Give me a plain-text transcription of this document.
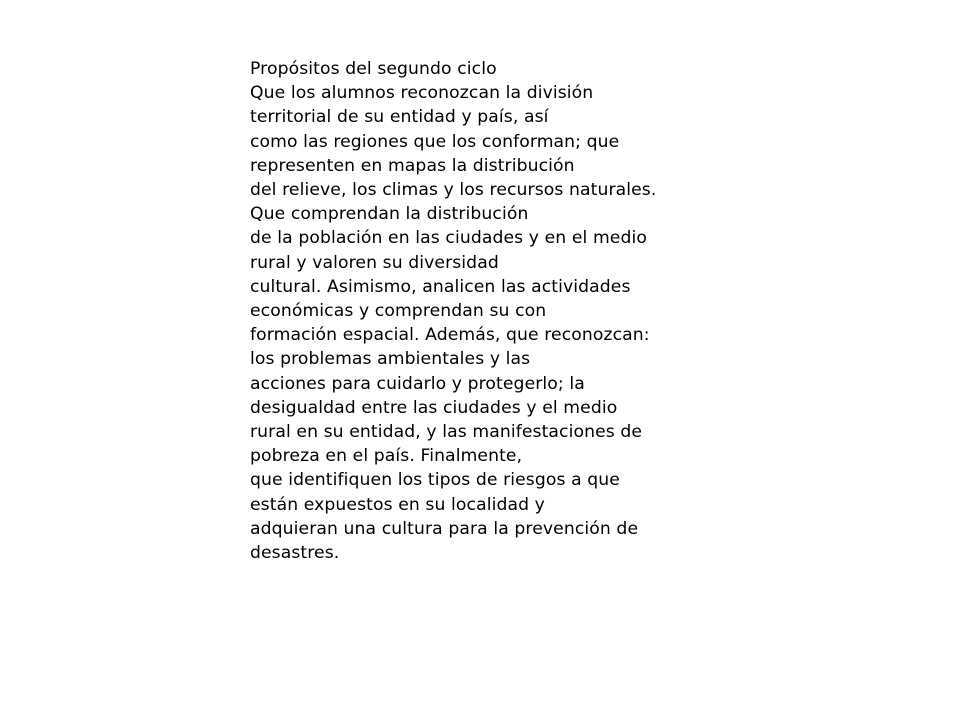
Propósitos del segundo ciclo
Que los alumnos reconozcan la división
territorial de su entidad y país, así
como las regiones que los conforman; que
representen en mapas la distribución
del relieve, los climas y los recursos naturales.
Que comprendan la distribución
de la población en las ciudades y en el medio
rural y valoren su diversidad
cultural. Asimismo, analicen las actividades
económicas y comprendan su con
formación espacial. Además, que reconozcan:
los problemas ambientales y las
acciones para cuidarlo y protegerlo; la
desigualdad entre las ciudades y el medio
rural en su entidad, y las manifestaciones de
pobreza en el país. Finalmente,
que identifiquen los tipos de riesgos a que
están expuestos en su localidad y
adquieran una cultura para la prevención de
desastres.
